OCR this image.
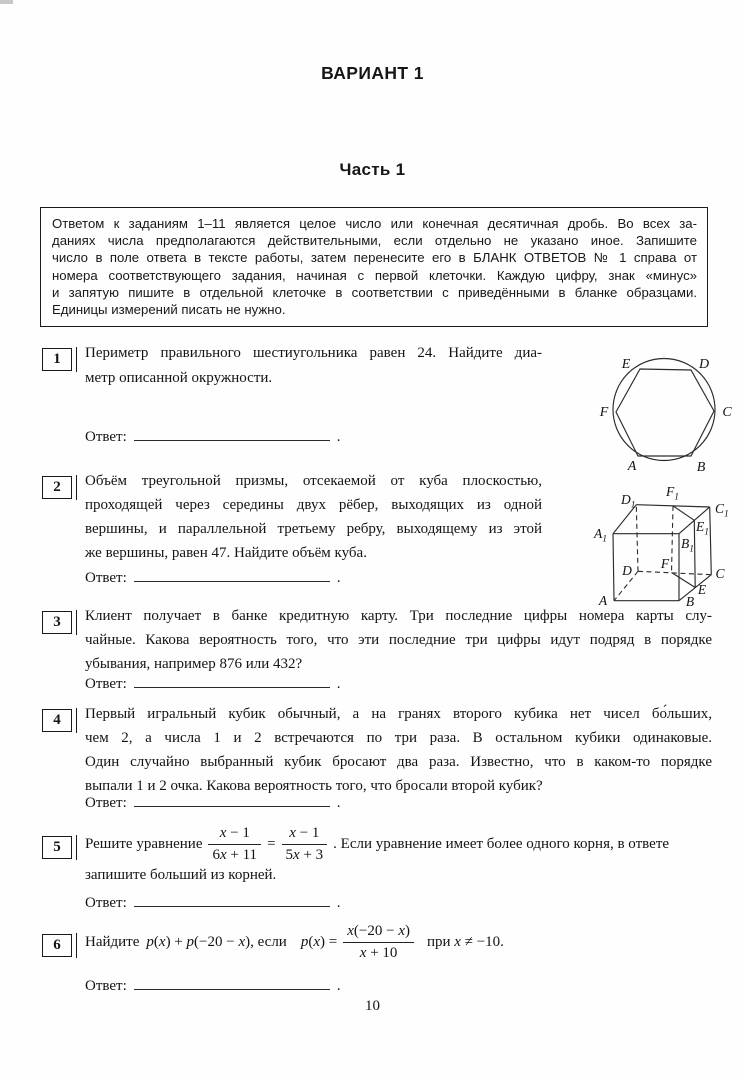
ВАРИАНТ 1
Часть 1
Ответом к заданиям 1–11 является целое число или конечная десятичная дробь. Во всех за-
даниях числа предполагаются действительными, если отдельно не указано иное. Запишите
число в поле ответа в тексте работы, затем перенесите его в БЛАНК ОТВЕТОВ № 1 справа от
номера соответствующего задания, начиная с первой клеточки. Каждую цифру, знак «минус»
и запятую пишите в отдельной клеточке в соответствии с приведёнными в бланке образцами.
Единицы измерений писать не нужно.
1	Периметр правильного шестиугольника равен 24. Найдите диа-
метр описанной окружности.
E	D
F	C
A	B
Ответ:	.
2	Объём треугольной призмы, отсекаемой от куба плоскостью,
проходящей через середины двух рёбер, выходящих из одной
вершины, и параллельной третьему ребру, выходящему из этой
же вершины, равен 47. Найдите объём куба.
A	B
C
D
E
F
$A_1$	$B_1$
$C_1$
$D_1$
$E_1$
$F_1$
Ответ:	.
3	Клиент получает в банке кредитную карту. Три последние цифры номера карты слу-
чайные. Какова вероятность того, что эти последние три цифры идут подряд в порядке
убывания, например 876 или 432?
Ответ:	.
4	Первый игральный кубик обычный, а на гранях второго кубика нет чисел бо́льших,
чем 2, а числа 1 и 2 встречаются по три раза. В остальном кубики одинаковые.
Один случайно выбранный кубик бросают два раза. Известно, что в каком-то порядке
выпали 1 и 2 очка. Какова вероятность того, что бросали второй кубик?
Ответ:	.
5	Решите уравнение $\frac{x - 1}{6x + 11} = \frac{x - 1}{5x + 3}$ . Если уравнение имеет более одного корня, в ответе
запишите больший из корней.
Ответ:	.
6	Найдите p(x) + p(−20 − x) , если $p(x) = \frac{x(-20 - x)}{x + 10}$ при x ≠ −10.
Ответ:	.
10
